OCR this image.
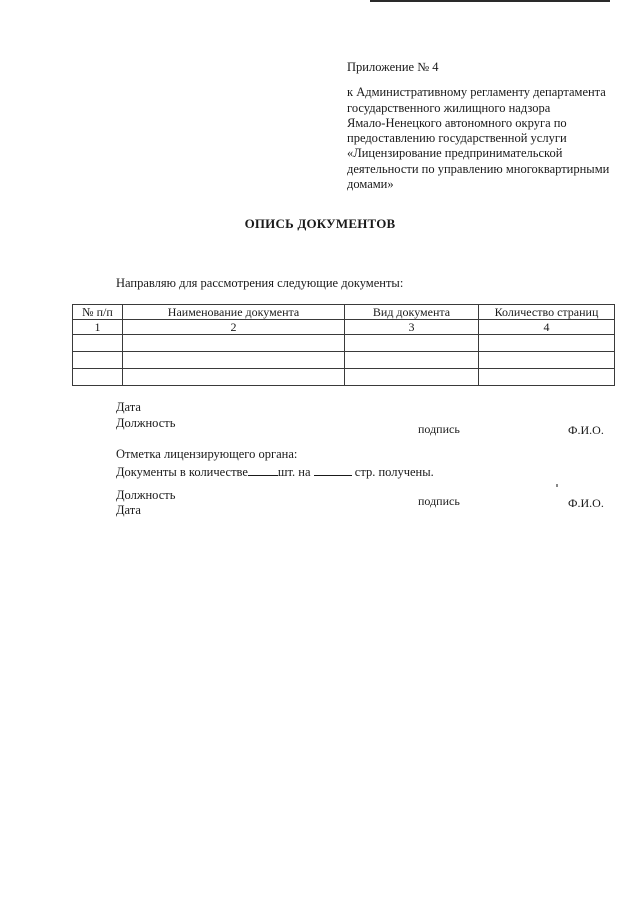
Приложение № 4
к Административному регламенту департамента
государственного жилищного надзора
Ямало-Ненецкого автономного округа по
предоставлению государственной услуги
«Лицензирование предпринимательской
деятельности по управлению многоквартирными
домами»
ОПИСЬ ДОКУМЕНТОВ
Направляю для рассмотрения следующие документы:
№ п/п	Наименование документа	Вид документа	Количество страниц
1	2	3	4

Дата
Должность	подпись	Ф.И.О.
Отметка лицензирующего органа:
Документы в количестве шт. на	стр. получены.
Должность	подпись	Ф.И.О.
Дата
